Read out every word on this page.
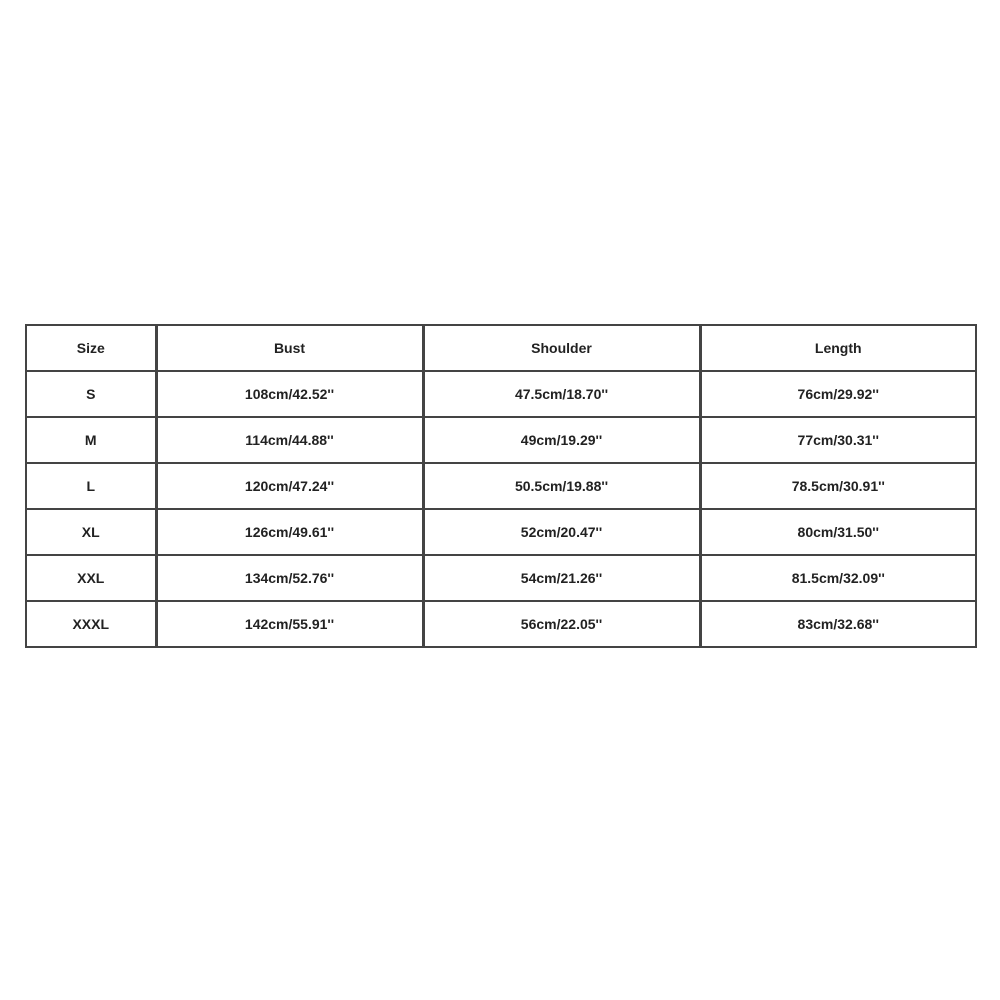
Size	Bust	Shoulder	Length
S	108cm/42.52''	47.5cm/18.70''	76cm/29.92''
M	114cm/44.88''	49cm/19.29''	77cm/30.31''
L	120cm/47.24''	50.5cm/19.88''	78.5cm/30.91''
XL	126cm/49.61''	52cm/20.47''	80cm/31.50''
XXL	134cm/52.76''	54cm/21.26''	81.5cm/32.09''
XXXL	142cm/55.91''	56cm/22.05''	83cm/32.68''
